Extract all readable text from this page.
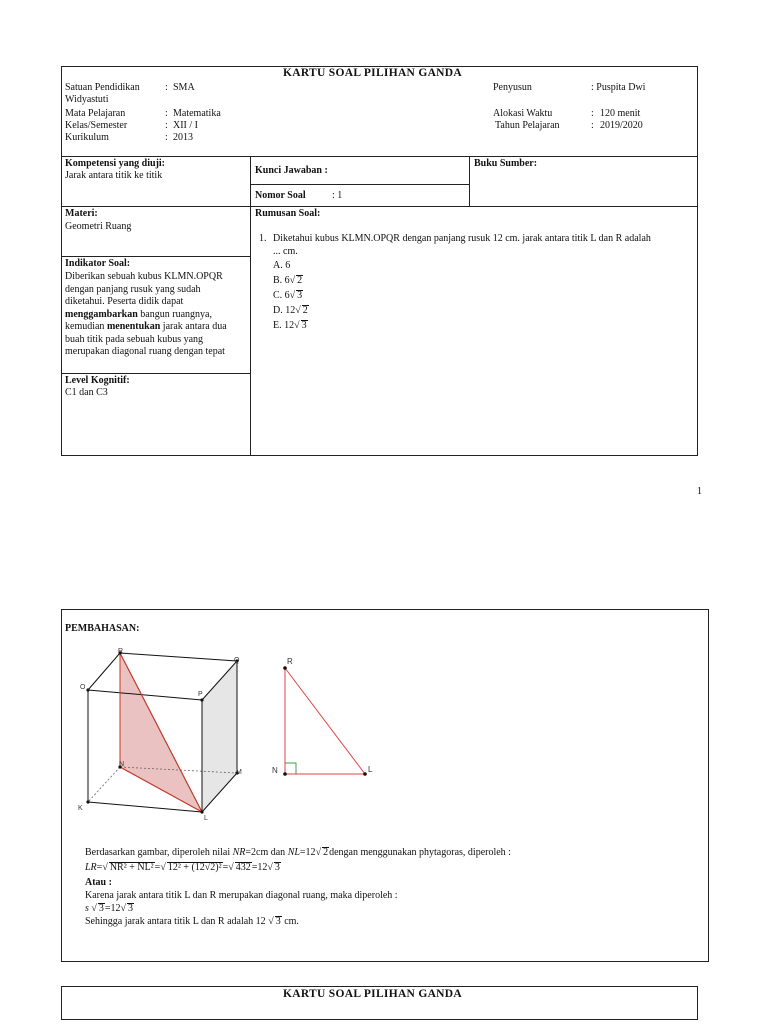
KARTU SOAL PILIHAN GANDA
Satuan Pendidikan	: SMA
Widyastuti
Mata Pelajaran	: Matematika
Kelas/Semester	: XII / I
Kurikulum	: 2013
Penyusun	: Puspita Dwi
Alokasi Waktu	: 120 menit
Tahun Pelajaran	: 2019/2020
Kompetensi yang diuji:
Jarak antara titik ke titik	Kunci Jawaban :
Nomor Soal	: 1
Buku Sumber:
Materi:
Geometri Ruang
Indikator Soal:
Diberikan sebuah kubus KLMN.OPQR
dengan panjang rusuk yang sudah
diketahui. Peserta didik dapat
menggambarkan bangun ruangnya,
kemudian menentukan jarak antara dua
buah titik pada sebuah kubus yang
merupakan diagonal ruang dengan tepat
Level Kognitif:
C1 dan C3
Rumusan Soal:
1. Diketahui kubus KLMN.OPQR dengan panjang rusuk 12 cm. jarak antara titik L dan R adalah
... cm.
A. 6
B. 6√ 2
C. 6√ 3
D. 12√ 2
E. 12√ 3
1
PEMBAHASAN:
R
Q
O
P
N
M
K
L
R
N	L
Berdasarkan gambar, diperoleh nilai NR=2cm dan NL=12√ 2dengan menggunakan phytagoras, diperoleh :
LR=√ NR² + NL²=√ 12² + (12√2)²=√ 432=12√ 3
Atau :
Karena jarak antara titik L dan R merupakan diagonal ruang, maka diperoleh :
s √ 3=12√ 3
Sehingga jarak antara titik L dan R adalah 12 √ 3 cm.
KARTU SOAL PILIHAN GANDA
